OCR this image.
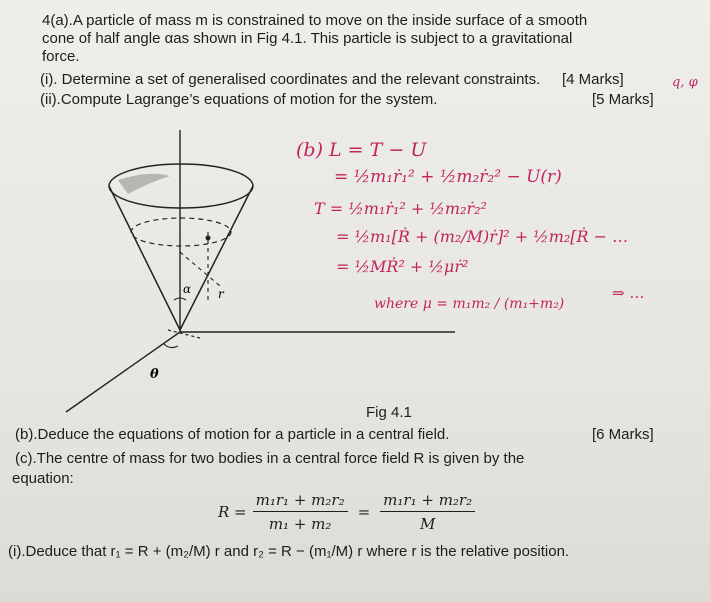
4(a).A particle of mass m is constrained to move on the inside surface of a smooth
cone of half angle αas shown in Fig 4.1. This particle is subject to a gravitational
force.
(i). Determine a set of generalised coordinates and the relevant constraints. [4 Marks]
(ii).Compute Lagrange’s equations of motion for the system.	[5 Marks]
α r
θ
(b) L = T − U
= ½m₁ṙ₁² + ½m₂ṙ₂² − U(r)
T = ½m₁ṙ₁² + ½m₂ṙ₂²
= ½m₁[Ṙ + (m₂/M)ṙ]² + ½m₂[Ṙ − …
= ½MṘ² + ½μṙ²
where μ = m₁m₂ / (m₁+m₂)
q, φ
⇒ …
Fig 4.1
(b).Deduce the equations of motion for a particle in a central field.	[6 Marks]
(c).The centre of mass for two bodies in a central force field R is given by the
equation:
$R = \frac{\text{m₁r₁ + m₂r₂}}{\text{m₁ + m₂}} = \frac{\text{m₁r₁ + m₂r₂}}{M}$
(i).Deduce that r₁ = R + (m₂/M) r and r₂ = R − (m₁/M) r where r is the relative position.
